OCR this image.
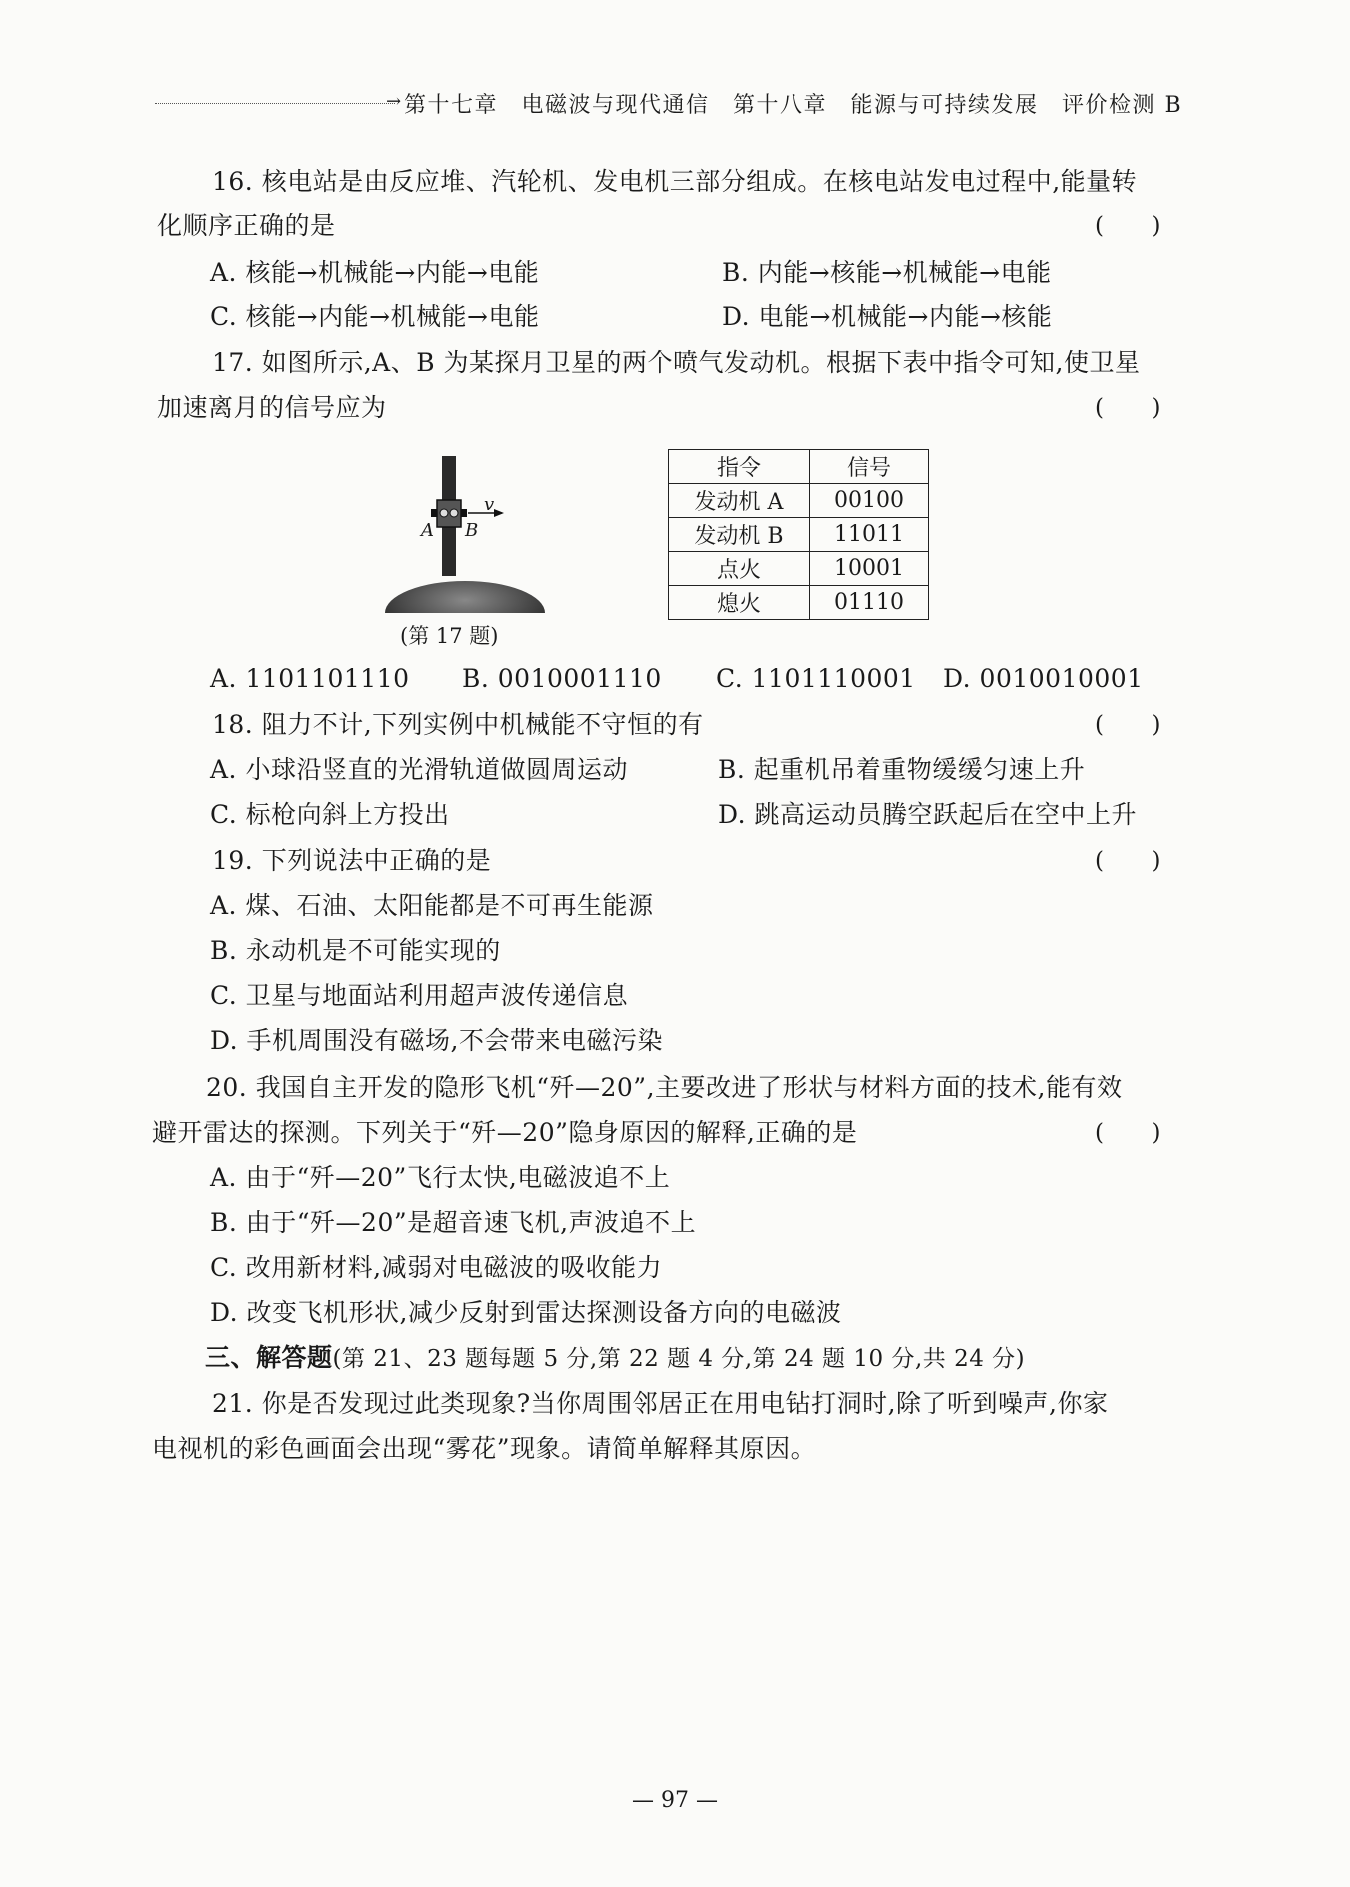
→ 第十七章　电磁波与现代通信　第十八章　能源与可持续发展　评价检测 B
16. 核电站是由反应堆、汽轮机、发电机三部分组成。在核电站发电过程中,能量转
化顺序正确的是	(　　)
A. 核能→机械能→内能→电能	B. 内能→核能→机械能→电能
C. 核能→内能→机械能→电能	D. 电能→机械能→内能→核能
17. 如图所示,A、B 为某探月卫星的两个喷气发动机。根据下表中指令可知,使卫星
加速离月的信号应为	(　　)
A B
v
(第 17 题)
指令	信号
发动机 A	00100
发动机 B	11011
点火	10001
熄火	01110
A. 1101101110 B. 0010001110 C. 1101110001 D. 0010010001
18. 阻力不计,下列实例中机械能不守恒的有	(　　)
A. 小球沿竖直的光滑轨道做圆周运动	B. 起重机吊着重物缓缓匀速上升
C. 标枪向斜上方投出	D. 跳高运动员腾空跃起后在空中上升
19. 下列说法中正确的是	(　　)
A. 煤、石油、太阳能都是不可再生能源
B. 永动机是不可能实现的
C. 卫星与地面站利用超声波传递信息
D. 手机周围没有磁场,不会带来电磁污染
20. 我国自主开发的隐形飞机“歼—20”,主要改进了形状与材料方面的技术,能有效
避开雷达的探测。下列关于“歼—20”隐身原因的解释,正确的是	(　　)
A. 由于“歼—20”飞行太快,电磁波追不上
B. 由于“歼—20”是超音速飞机,声波追不上
C. 改用新材料,减弱对电磁波的吸收能力
D. 改变飞机形状,减少反射到雷达探测设备方向的电磁波
三、解答题(第 21、23 题每题 5 分,第 22 题 4 分,第 24 题 10 分,共 24 分)
21. 你是否发现过此类现象?当你周围邻居正在用电钻打洞时,除了听到噪声,你家
电视机的彩色画面会出现“雾花”现象。请简单解释其原因。
— 97 —
